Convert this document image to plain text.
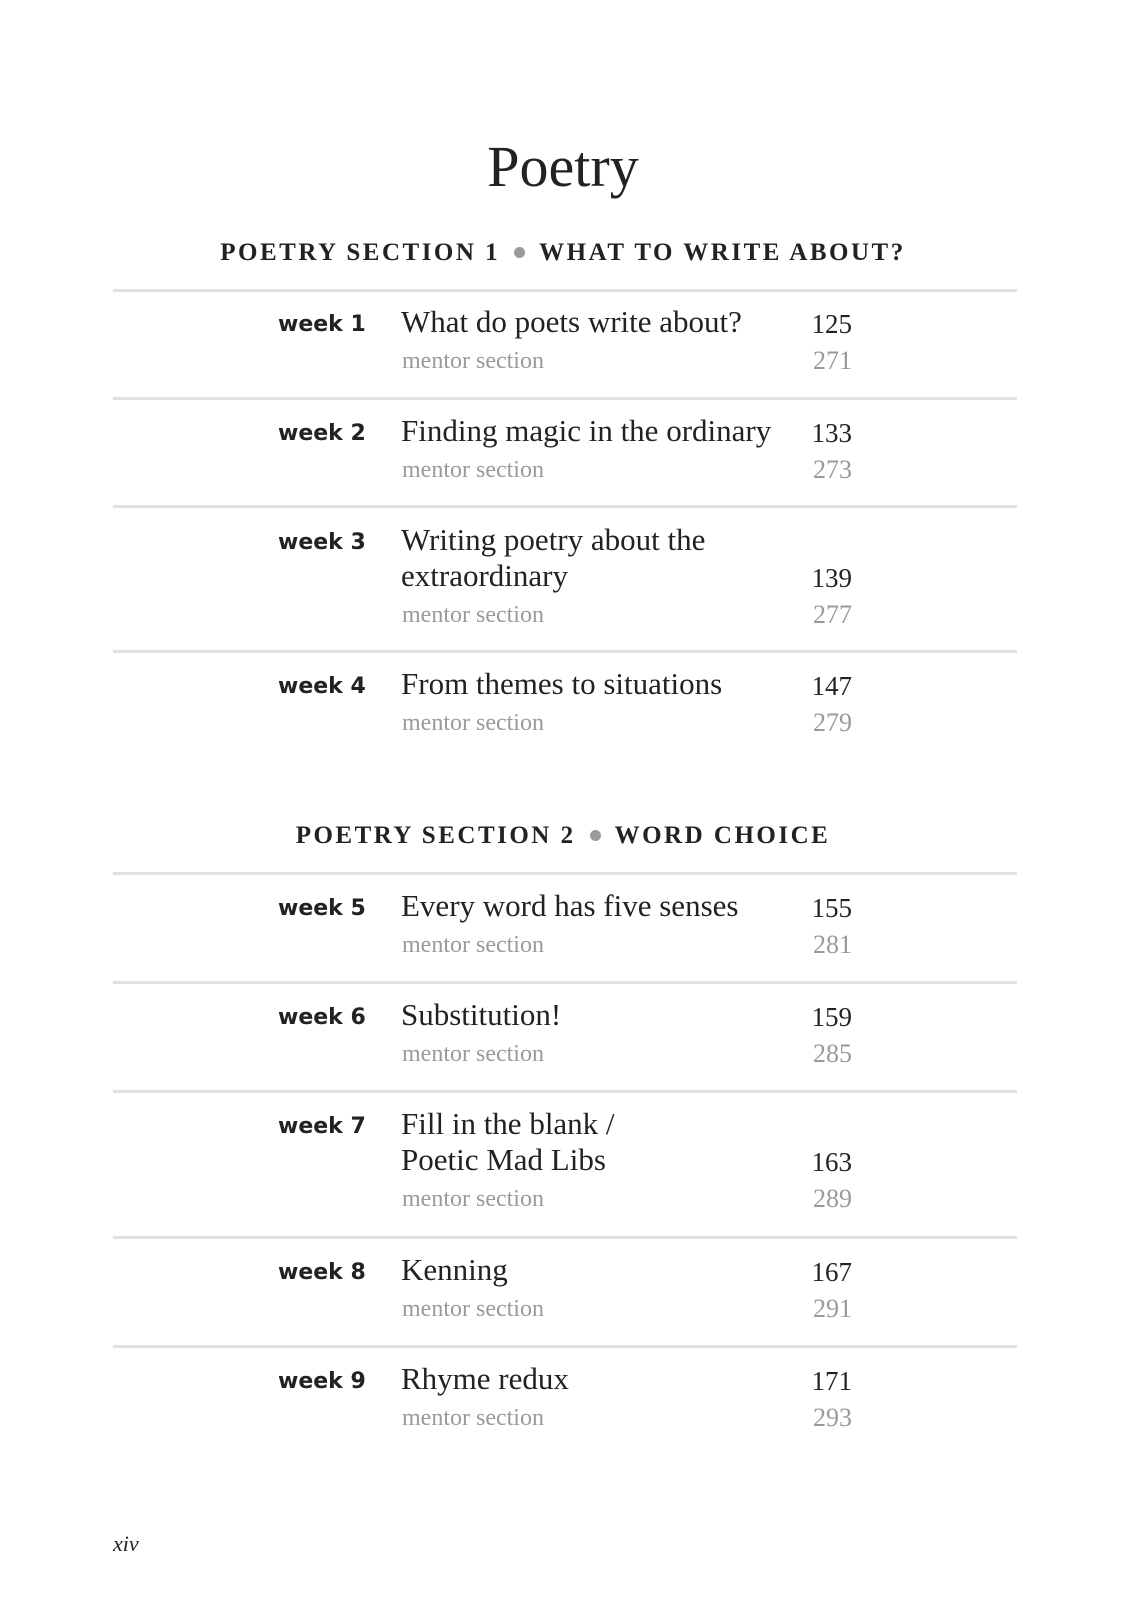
Poetry
POETRY SECTION 1 WHAT TO WRITE ABOUT?
week 1 What do poets write about?	125
mentor section	271
week 2 Finding magic in the ordinary	133
mentor section	273
week 3 Writing poetry about the
extraordinary	139
mentor section	277
week 4 From themes to situations	147
mentor section	279
POETRY SECTION 2 WORD CHOICE
week 5 Every word has five senses	155
mentor section	281
week 6 Substitution!	159
mentor section	285
week 7 Fill in the blank /
Poetic Mad Libs	163
mentor section	289
week 8 Kenning	167
mentor section	291
week 9 Rhyme redux	171
mentor section	293
xiv
